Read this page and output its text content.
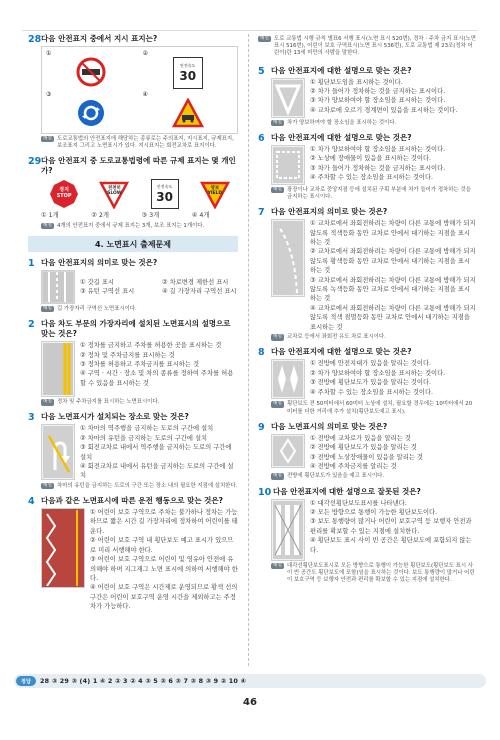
28 다음 안전표지 중에서 지시 표지는?
①	②
안전속도
30
③	④
해설 도로교통법의 안전표지에 해당하는 종류로는 주의표지, 지시표지, 규제표지, 보조표지 그리고 노면표시가 있다. 지시표지는 회전교차로 표지이다.
29 다음 안전표지 중 도로교통법령에 따른 규제 표지는 몇 개인가?
정지
STOP
천천히
SLOW
안전속도
30
양보
YIELD
① 1개	② 2개	③ 3개	④ 4개
해설 4개의 안전표지 중에서 규제 표지는 3개, 보조 표지는 1개이다.
4. 노면표시 출제문제
1 다음 안전표지의 의미로 맞는 것은?
① 갓길 표시	② 차로변경 제한선 표시
③ 유턴 구역선 표시	④ 길 가장자리 구역선 표시
해설 길 가장자리 구역선 노면표시이다.
2 다음 차도 부문의 가장자리에 설치된 노면표시의 설명으로 맞는 것은?
① 정차를 금지하고 주차를 허용한 곳을 표시하는 것
② 정차 및 주차금지를 표시하는 것
③ 정차를 허용하고 주차금지를 표시하는 것
④ 구역 · 시간 · 장소 및 차의 종류를 정하여 주차를 허용할 수 있음을 표시하는 것
해설 정차 및 주차금지를 표시하는 노면표시이다.
3 다음 노면표시가 설치되는 장소로 맞는 것은?
① 차마의 역주행을 금지하는 도로의 구간에 설치
② 차마의 유턴을 금지하는 도로의 구간에 설치
③ 회전교차로 내에서 역주행을 금지하는 도로의 구간에 설치
④ 회전교차로 내에서 유턴을 금지하는 도로의 구간에 설치
해설 차마의 유턴을 금지하는 도로의 구간 또는 장소 내의 필요한 지점에 설치한다.
4 다음과 같은 노면표시에 따른 운전 행동으로 맞는 것은?
① 어린이 보호 구역으로 주차는 불가하나 정차는 가능하므로 짧은 시간 길 가장자리에 정차하여 어린이를 태운다.
② 어린이 보호 구역 내 횡단보도 예고 표시가 있으므로 미리 서행해야 한다.
③ 어린이 보호 구역으로 어린이 및 영유아 안전에 유의해야 하며 지그재그 노면 표시에 의하여 서행해야 한다.
④ 어린이 보호 구역은 시간제로 운영되므로 황색 선의 구간은 어린이 보호구역 운영 시간을 제외하고는 주정차가 가능하다.
해설 도로 교통법 시행 규칙 별표6 서행 표시(노면 표시 520번), 정차 · 주차 금지 표시(노면 표시 516번), 어린이 보호 구역표시(노면 표시 536번), 도로 교통법 제 23조(정차 어린이)란 13세 미만의 사람을 말한다.
5 다음 안전표지에 대한 설명으로 맞는 것은?
① 횡단보도임을 표시하는 것이다.
② 차가 들어가 정차하는 것을 금지하는 표시이다.
③ 차가 양보하여야 할 장소임을 표시하는 것이다.
④ 교차로에 오르기 경계면이 있음을 표시하는 것이다.
해설 차가 양보하여야 할 장소임을 표시하는 것이다.
6 다음 안전표지에 대한 설명으로 맞는 것은?
① 차가 양보하여야 할 장소임을 표시하는 것이다.
② 노상에 장애물이 있음을 표시하는 것이다.
③ 차가 들어가 정차하는 것을 금지하는 표시이다.
④ 주차할 수 있는 장소임을 표시하는 것이다.
해설 광장이나 교차로 중앙지점 등에 설치된 구획 부분에 차가 들어가 정차하는 것을 금지하는 표시이다.
7 다음 안전표지의 의미로 맞는 것은?
① 교차로에서 좌회전하려는 차량이 다른 교통에 방해가 되지 않도록 적색등화 동안 교차로 안에서 대기하는 지점을 표시하는 것
② 교차로에서 좌회전하려는 차량이 다른 교통에 방해가 되지 않도록 황색등화 동안 교차로 안에서 대기하는 지점을 표시하는 것
③ 교차로에서 좌회전하려는 차량이 다른 교통에 방해가 되지 않도록 녹색등화 동안 교차로 안에서 대기하는 지점을 표시하는 것
④ 교차로에서 좌회전하려는 차량이 다른 교통에 방해가 되지 않도록 적색 점멸등화 동안 교차로 안에서 대기하는 지점을 표시하는 것
해설 교차로 등에서 좌회전 유도 차로 표시이다.
8 다음 안전표지에 대한 설명으로 맞는 것은?
① 전방에 안전지대가 있음을 알리는 것이다.
② 차가 양보하여야 할 장소임을 표시하는 것이다.
③ 전방에 횡단보도가 있음을 알리는 것이다.
④ 주차할 수 있는 장소임을 표시하는 것이다.
해설 횡단보도 전 50미터에서 60미터 노상에 설치, 필요할 경우에는 10미터에서 20미터를 더한 거리에 추가 설치(횡단보도예고 표시).
9 다음 노면표시의 의미로 맞는 것은?
① 전방에 교차로가 있음을 알리는 것
② 전방에 횡단보도가 있음을 알리는 것
③ 전방에 노상장애물이 있음을 알리는 것
④ 전방에 주차금지를 알리는 것
해설 전방에 횡단보도가 있음을 예고 표시이다.
10 다음 안전표지에 대한 설명으로 잘못된 것은?
① 대각선횡단보도표시를 나타낸다.
② 모든 방향으로 통행이 가능한 횡단보도이다.
③ 보도 통행량이 많거나 어린이 보호구역 등 보행자 안전과 편리를 확보할 수 있는 지점에 설치한다.
④ 횡단보도 표시 사이 빈 공간은 횡단보도에 포함되지 않는다.
해설 대각선횡단보도표시로 모든 방향으로 통행이 가능한 횡단보도(횡단보도 표시 사이 빈 공간도 횡단보도에 포함)임을 표시하는 것이다. 보도 통행량이 많거나 어린이 보호구역 등 보행자 안전과 편리를 확보할 수 있는 지점에 설치한다.
정답	28 ③ 29 ③ (4) 1 ④ 2 ② 3 ② 4 ③ 5 ③ 6 ③ 7 ③ 8 ③ 9 ② 10 ④
46
